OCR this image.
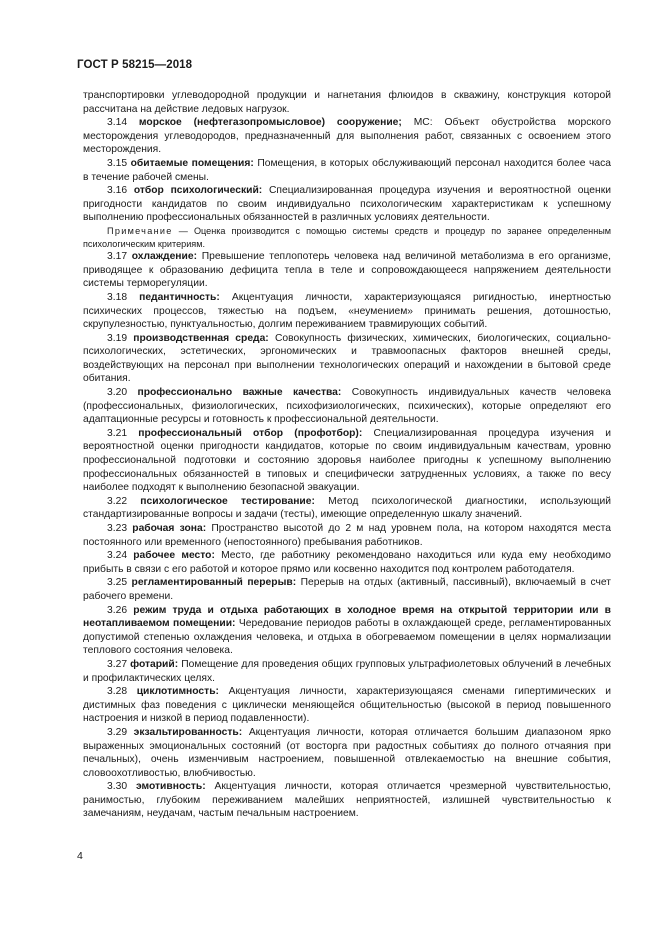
ГОСТ Р 58215—2018

транспортировки углеводородной продукции и нагнетания флюидов в скважину, конструкция которой рассчитана на действие ледовых нагрузок.

3.14 морское (нефтегазопромысловое) сооружение; МС: Объект обустройства морского месторождения углеводородов, предназначенный для выполнения работ, связанных с освоением этого месторождения.

3.15 обитаемые помещения: Помещения, в которых обслуживающий персонал находится более часа в течение рабочей смены.

3.16 отбор психологический: Специализированная процедура изучения и вероятностной оценки пригодности кандидатов по своим индивидуально психологическим характеристикам к успешному выполнению профессиональных обязанностей в различных условиях деятельности.

Примечание — Оценка производится с помощью системы средств и процедур по заранее определенным психологическим критериям.

3.17 охлаждение: Превышение теплопотерь человека над величиной метаболизма в его организме, приводящее к образованию дефицита тепла в теле и сопровождающееся напряжением деятельности системы терморегуляции.

3.18 педантичность: Акцентуация личности, характеризующаяся ригидностью, инертностью психических процессов, тяжестью на подъем, «неумением» принимать решения, дотошностью, скрупулезностью, пунктуальностью, долгим переживанием травмирующих событий.

3.19 производственная среда: Совокупность физических, химических, биологических, социально-психологических, эстетических, эргономических и травмоопасных факторов внешней среды, воздействующих на персонал при выполнении технологических операций и нахождении в бытовой среде обитания.

3.20 профессионально важные качества: Совокупность индивидуальных качеств человека (профессиональных, физиологических, психофизиологических, психических), которые определяют его адаптационные ресурсы и готовность к профессиональной деятельности.

3.21 профессиональный отбор (профотбор): Специализированная процедура изучения и вероятностной оценки пригодности кандидатов, которые по своим индивидуальным качествам, уровню профессиональной подготовки и состоянию здоровья наиболее пригодны к успешному выполнению профессиональных обязанностей в типовых и специфически затрудненных условиях, а также по весу наиболее подходят к выполнению безопасной эвакуации.

3.22 психологическое тестирование: Метод психологической диагностики, использующий стандартизированные вопросы и задачи (тесты), имеющие определенную шкалу значений.

3.23 рабочая зона: Пространство высотой до 2 м над уровнем пола, на котором находятся места постоянного или временного (непостоянного) пребывания работников.

3.24 рабочее место: Место, где работнику рекомендовано находиться или куда ему необходимо прибыть в связи с его работой и которое прямо или косвенно находится под контролем работодателя.

3.25 регламентированный перерыв: Перерыв на отдых (активный, пассивный), включаемый в счет рабочего времени.

3.26 режим труда и отдыха работающих в холодное время на открытой территории или в неотапливаемом помещении: Чередование периодов работы в охлаждающей среде, регламентированных допустимой степенью охлаждения человека, и отдыха в обогреваемом помещении в целях нормализации теплового состояния человека.

3.27 фотарий: Помещение для проведения общих групповых ультрафиолетовых облучений в лечебных и профилактических целях.

3.28 циклотимность: Акцентуация личности, характеризующаяся сменами гипертимических и дистимных фаз поведения с циклически меняющейся общительностью (высокой в период повышенного настроения и низкой в период подавленности).

3.29 экзальтированность: Акцентуация личности, которая отличается большим диапазоном ярко выраженных эмоциональных состояний (от восторга при радостных событиях до полного отчаяния при печальных), очень изменчивым настроением, повышенной отвлекаемостью на внешние события, словоохотливостью, влюбчивостью.

3.30 эмотивность: Акцентуация личности, которая отличается чрезмерной чувствительностью, ранимостью, глубоким переживанием малейших неприятностей, излишней чувствительностью к замечаниям, неудачам, частым печальным настроением.

4
